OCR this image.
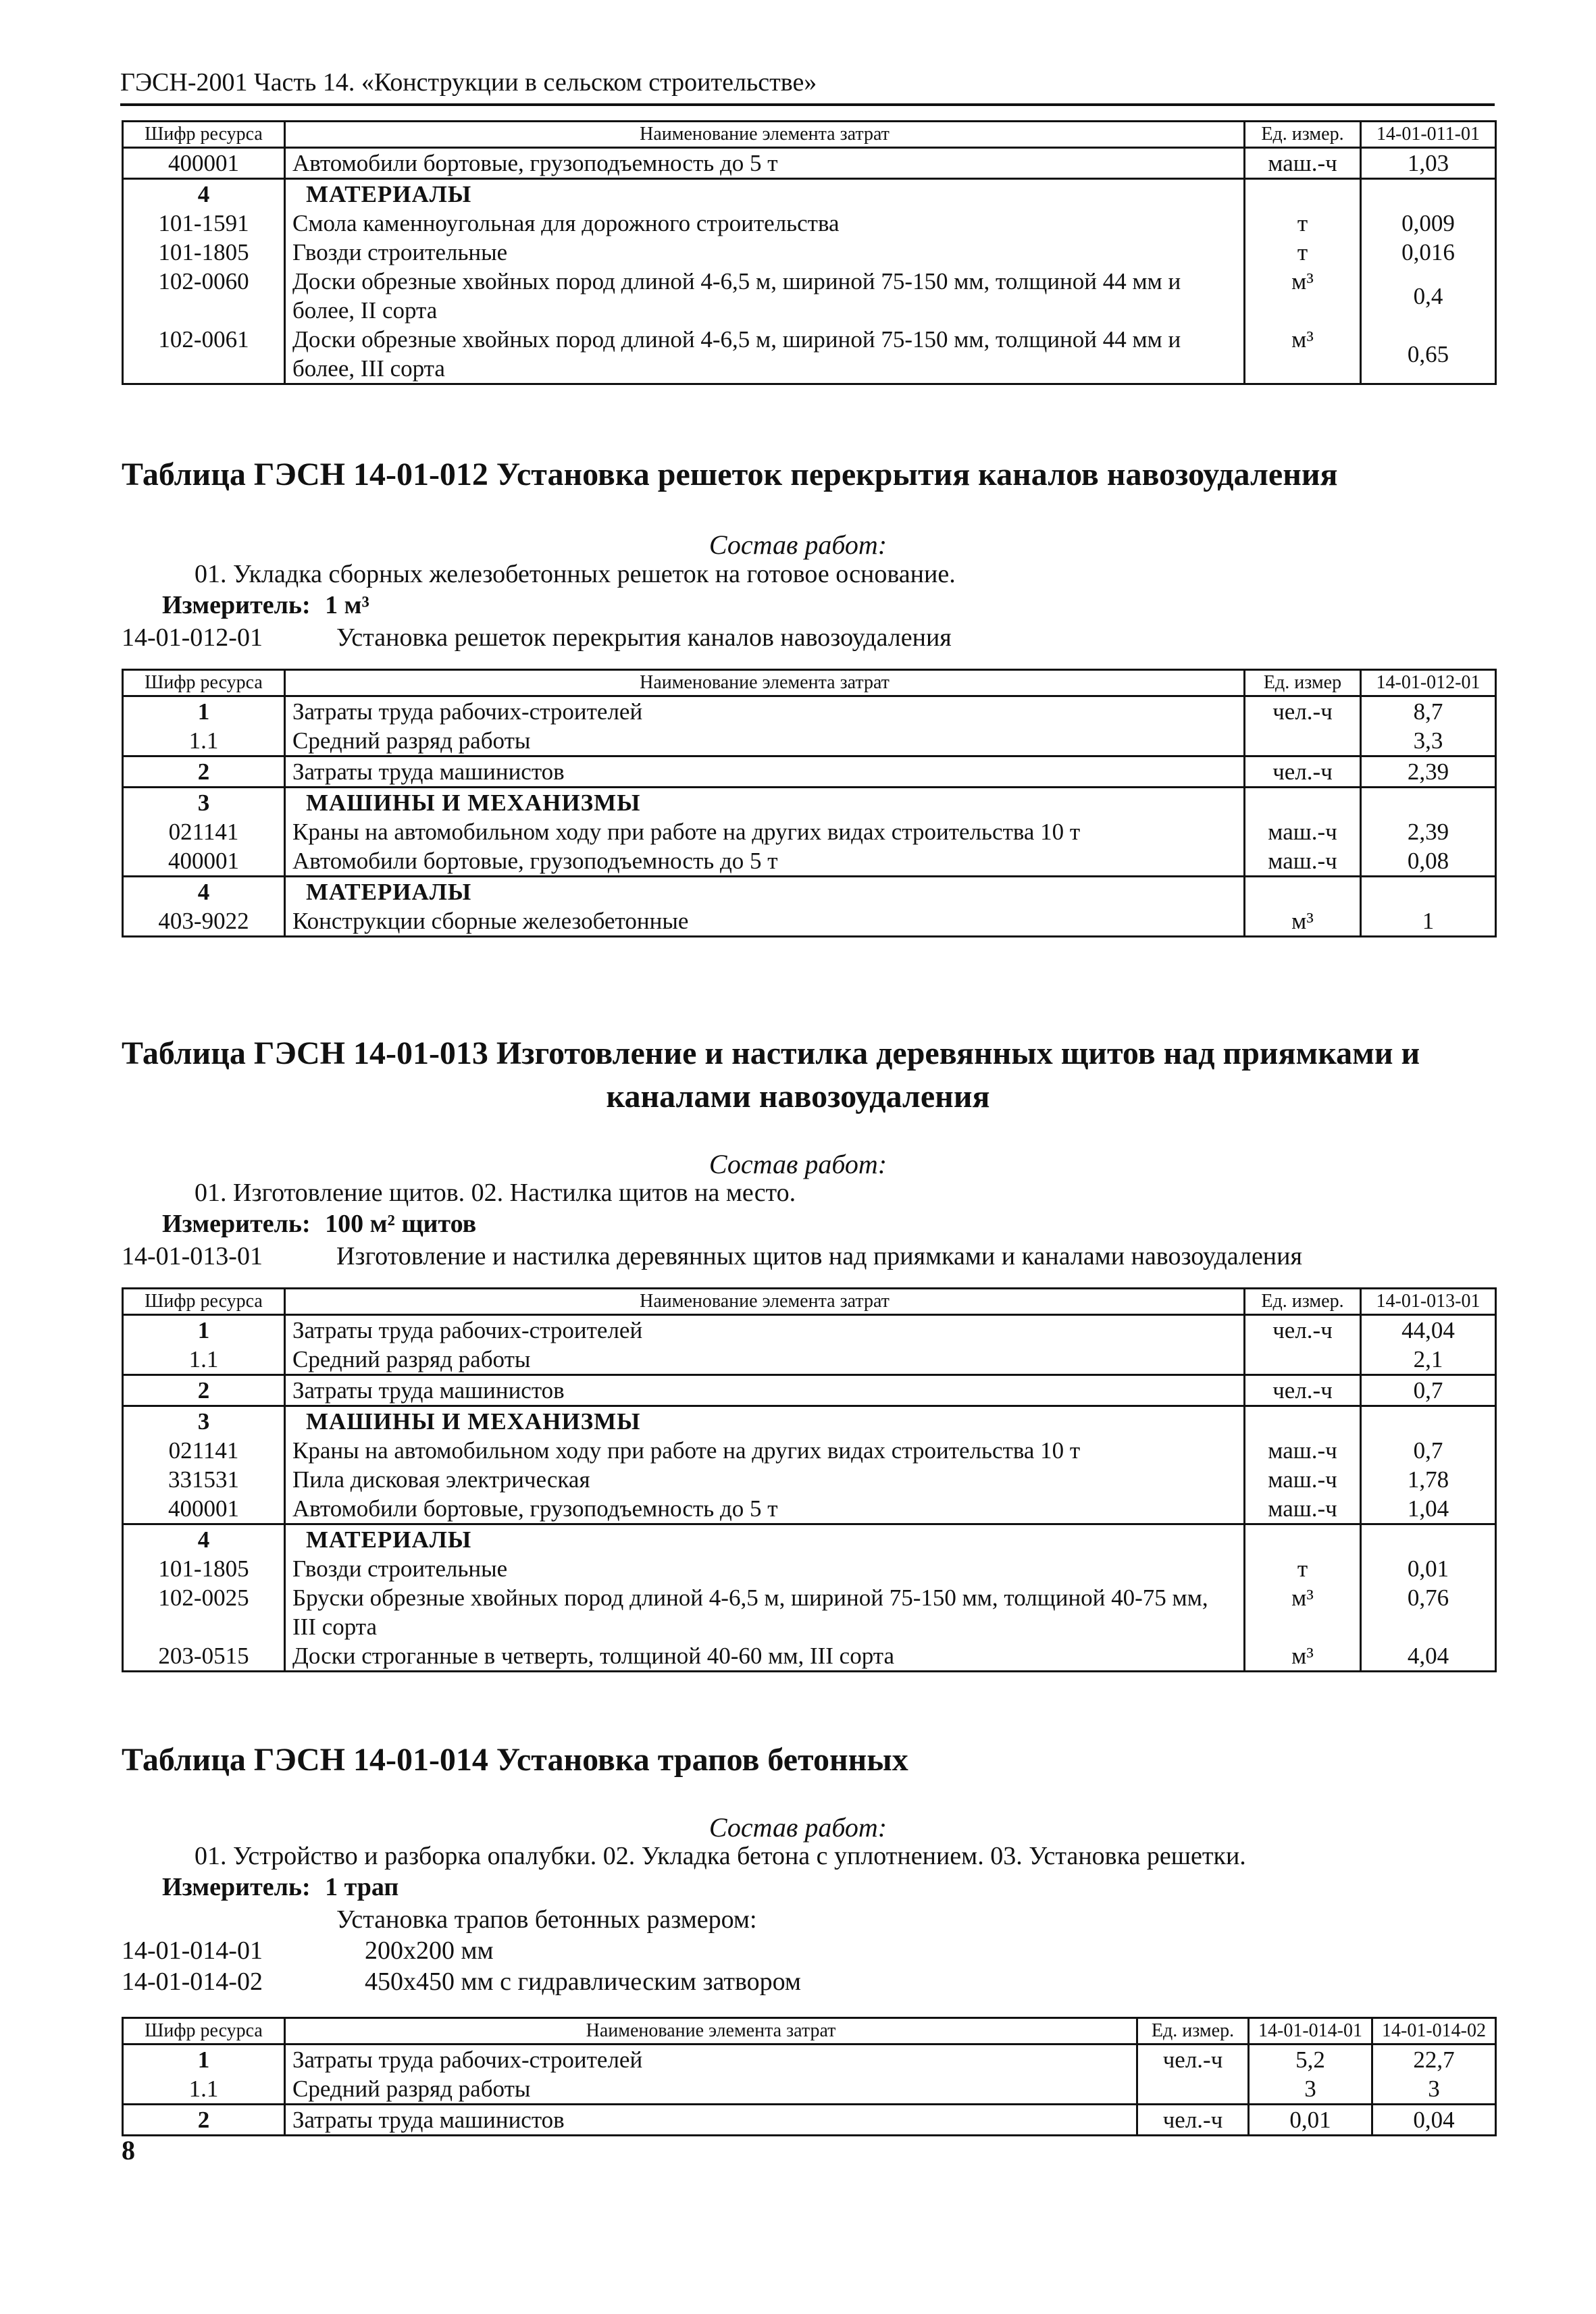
ГЭСН-2001 Часть 14. «Конструкции в сельском строительстве»
Шифр ресурса	Наименование элемента затрат	Ед. измер.	14-01-011-01
400001	Автомобили бортовые, грузоподъемность до 5 т	маш.-ч	1,03
4	МАТЕРИАЛЫ		
101-1591	Смола каменноугольная для дорожного строительства	т	0,009
101-1805	Гвозди строительные	т	0,016
102-0060	Доски обрезные хвойных пород длиной 4-6,5 м, шириной 75-150 мм, толщиной 44 мм и более, II сорта	м³	0,4
102-0061	Доски обрезные хвойных пород длиной 4-6,5 м, шириной 75-150 мм, толщиной 44 мм и более, III сорта	м³	0,65
Таблица ГЭСН 14-01-012 Установка решеток перекрытия каналов навозоудаления
Состав работ:
01. Укладка сборных железобетонных решеток на готовое основание.
Измеритель: 1 м³
14-01-012-01	Установка решеток перекрытия каналов навозоудаления
Шифр ресурса	Наименование элемента затрат	Ед. измер	14-01-012-01
1	Затраты труда рабочих-строителей	чел.-ч	8,7
1.1	Средний разряд работы		3,3
2	Затраты труда машинистов	чел.-ч	2,39
3	МАШИНЫ И МЕХАНИЗМЫ		
021141	Краны на автомобильном ходу при работе на других видах строительства 10 т	маш.-ч	2,39
400001	Автомобили бортовые, грузоподъемность до 5 т	маш.-ч	0,08
4	МАТЕРИАЛЫ		
403-9022	Конструкции сборные железобетонные	м³	1
Таблица ГЭСН 14-01-013 Изготовление и настилка деревянных щитов над приямками и
каналами навозоудаления
Состав работ:
01. Изготовление щитов. 02. Настилка щитов на место.
Измеритель: 100 м² щитов
14-01-013-01	Изготовление и настилка деревянных щитов над приямками и каналами навозоудаления
Шифр ресурса	Наименование элемента затрат	Ед. измер.	14-01-013-01
1	Затраты труда рабочих-строителей	чел.-ч	44,04
1.1	Средний разряд работы		2,1
2	Затраты труда машинистов	чел.-ч	0,7
3	МАШИНЫ И МЕХАНИЗМЫ		
021141	Краны на автомобильном ходу при работе на других видах строительства 10 т	маш.-ч	0,7
331531	Пила дисковая электрическая	маш.-ч	1,78
400001	Автомобили бортовые, грузоподъемность до 5 т	маш.-ч	1,04
4	МАТЕРИАЛЫ		
101-1805	Гвозди строительные	т	0,01
102-0025	Бруски обрезные хвойных пород длиной 4-6,5 м, шириной 75-150 мм, толщиной 40-75 мм, III сорта	м³	0,76
203-0515	Доски строганные в четверть, толщиной 40-60 мм, III сорта	м³	4,04
Таблица ГЭСН 14-01-014 Установка трапов бетонных
Состав работ:
01. Устройство и разборка опалубки. 02. Укладка бетона с уплотнением. 03. Установка решетки.
Измеритель: 1 трап
Установка трапов бетонных размером:
14-01-014-01	200х200 мм
14-01-014-02	450х450 мм с гидравлическим затвором
Шифр ресурса	Наименование элемента затрат	Ед. измер.	14-01-014-01	14-01-014-02
1	Затраты труда рабочих-строителей	чел.-ч	5,2	22,7
1.1	Средний разряд работы		3	3
2	Затраты труда машинистов	чел.-ч	0,01	0,04
8
